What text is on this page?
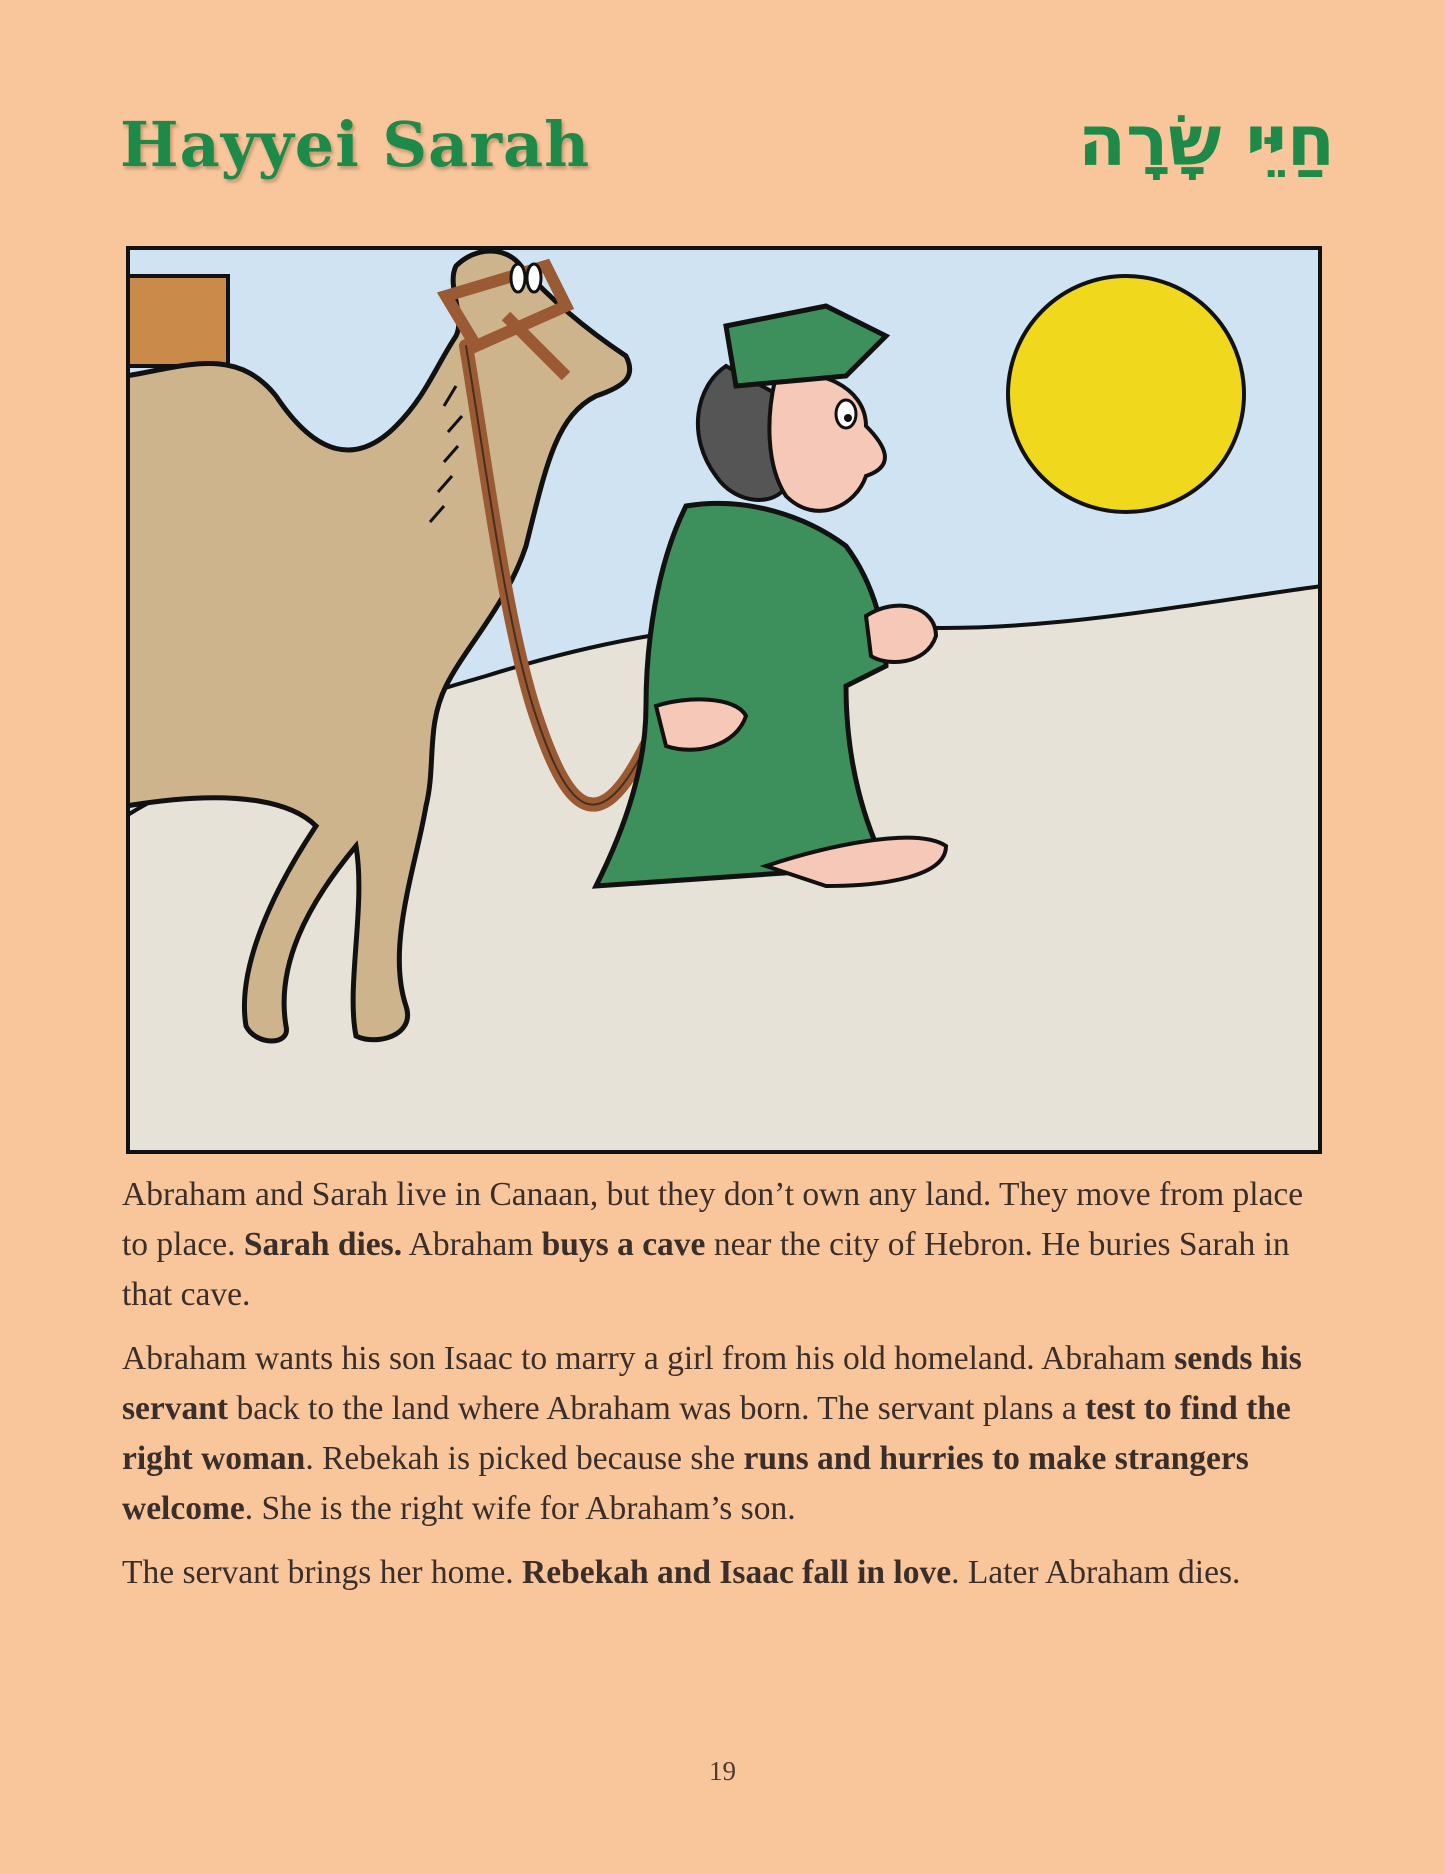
Hayyei Sarah	חַיֵּי שָׂרָה

Abraham and Sarah live in Canaan, but they don’t own any land. They move from place to place. Sarah dies. Abraham buys a cave near the city of Hebron. He buries Sarah in that cave.

Abraham wants his son Isaac to marry a girl from his old homeland. Abraham sends his servant back to the land where Abraham was born. The servant plans a test to find the right woman. Rebekah is picked because she runs and hurries to make strangers welcome. She is the right wife for Abraham’s son.

The servant brings her home. Rebekah and Isaac fall in love. Later Abraham dies.

19
